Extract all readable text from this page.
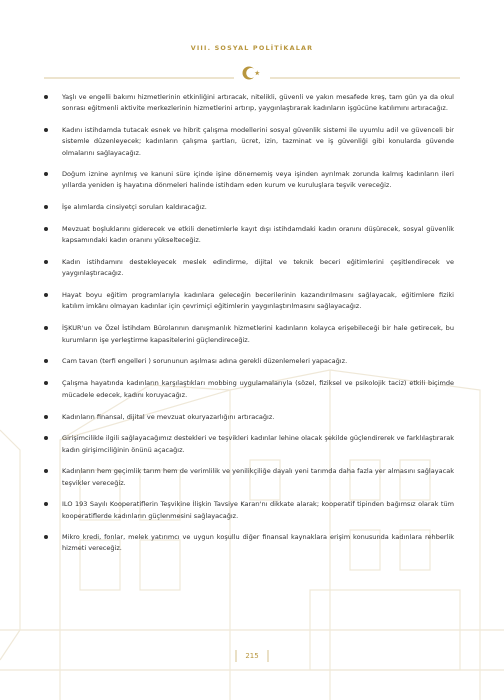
VIII. SOSYAL POLİTİKALAR
Yaşlı ve engelli bakımı hizmetlerinin etkinliğini artıracak, nitelikli, güvenli ve yakın mesafede kreş, tam gün ya da okul sonrası eğitmenli aktivite merkezlerinin hizmetlerini artırıp, yaygınlaştırarak kadınların işgücüne katılımını artıracağız.
Kadını istihdamda tutacak esnek ve hibrit çalışma modellerini sosyal güvenlik sistemi ile uyumlu adil ve güvenceli bir sistemle düzenleyecek; kadınların çalışma şartları, ücret, izin, tazminat ve iş güvenliği gibi konularda güvende olmalarını sağlayacağız.
Doğum iznine ayrılmış ve kanuni süre içinde işine dönememiş veya işinden ayrılmak zorunda kalmış kadınların ileri yıllarda yeniden iş hayatına dönmeleri halinde istihdam eden kurum ve kuruluşlara teşvik vereceğiz.
İşe alımlarda cinsiyetçi soruları kaldıracağız.
Mevzuat boşluklarını giderecek ve etkili denetimlerle kayıt dışı istihdamdaki kadın oranını düşürecek, sosyal güvenlik kapsamındaki kadın oranını yükselteceğiz.
Kadın istihdamını destekleyecek meslek edindirme, dijital ve teknik beceri eğitimlerini çeşitlendirecek ve yaygınlaştıracağız.
Hayat boyu eğitim programlarıyla kadınlara geleceğin becerilerinin kazandırılmasını sağlayacak, eğitimlere fiziki katılım imkânı olmayan kadınlar için çevrimiçi eğitimlerin yaygınlaştırılmasını sağlayacağız.
İŞKUR'un ve Özel İstihdam Bürolarının danışmanlık hizmetlerini kadınların kolayca erişebileceği bir hale getirecek, bu kurumların işe yerleştirme kapasitelerini güçlendireceğiz.
Cam tavan (terfi engelleri ) sorununun aşılması adına gerekli düzenlemeleri yapacağız.
Çalışma hayatında kadınların karşılaştıkları mobbing uygulamalarıyla (sözel, fiziksel ve psikolojik taciz) etkili biçimde mücadele edecek, kadını koruyacağız.
Kadınların finansal, dijital ve mevzuat okuryazarlığını artıracağız.
Girişimcilikle ilgili sağlayacağımız destekleri ve teşvikleri kadınlar lehine olacak şekilde güçlendirerek ve farklılaştırarak kadın girişimciliğinin önünü açacağız.
Kadınların hem geçimlik tarım hem de verimlilik ve yenilikçiliğe dayalı yeni tarımda daha fazla yer almasını sağlayacak teşvikler vereceğiz.
ILO 193 Sayılı Kooperatiflerin Teşvikine İlişkin Tavsiye Kararı'nı dikkate alarak; kooperatif tipinden bağımsız olarak tüm kooperatiflerde kadınların güçlenmesini sağlayacağız.
Mikro kredi, fonlar, melek yatırımcı ve uygun koşullu diğer finansal kaynaklara erişim konusunda kadınlara rehberlik hizmeti vereceğiz.
215
